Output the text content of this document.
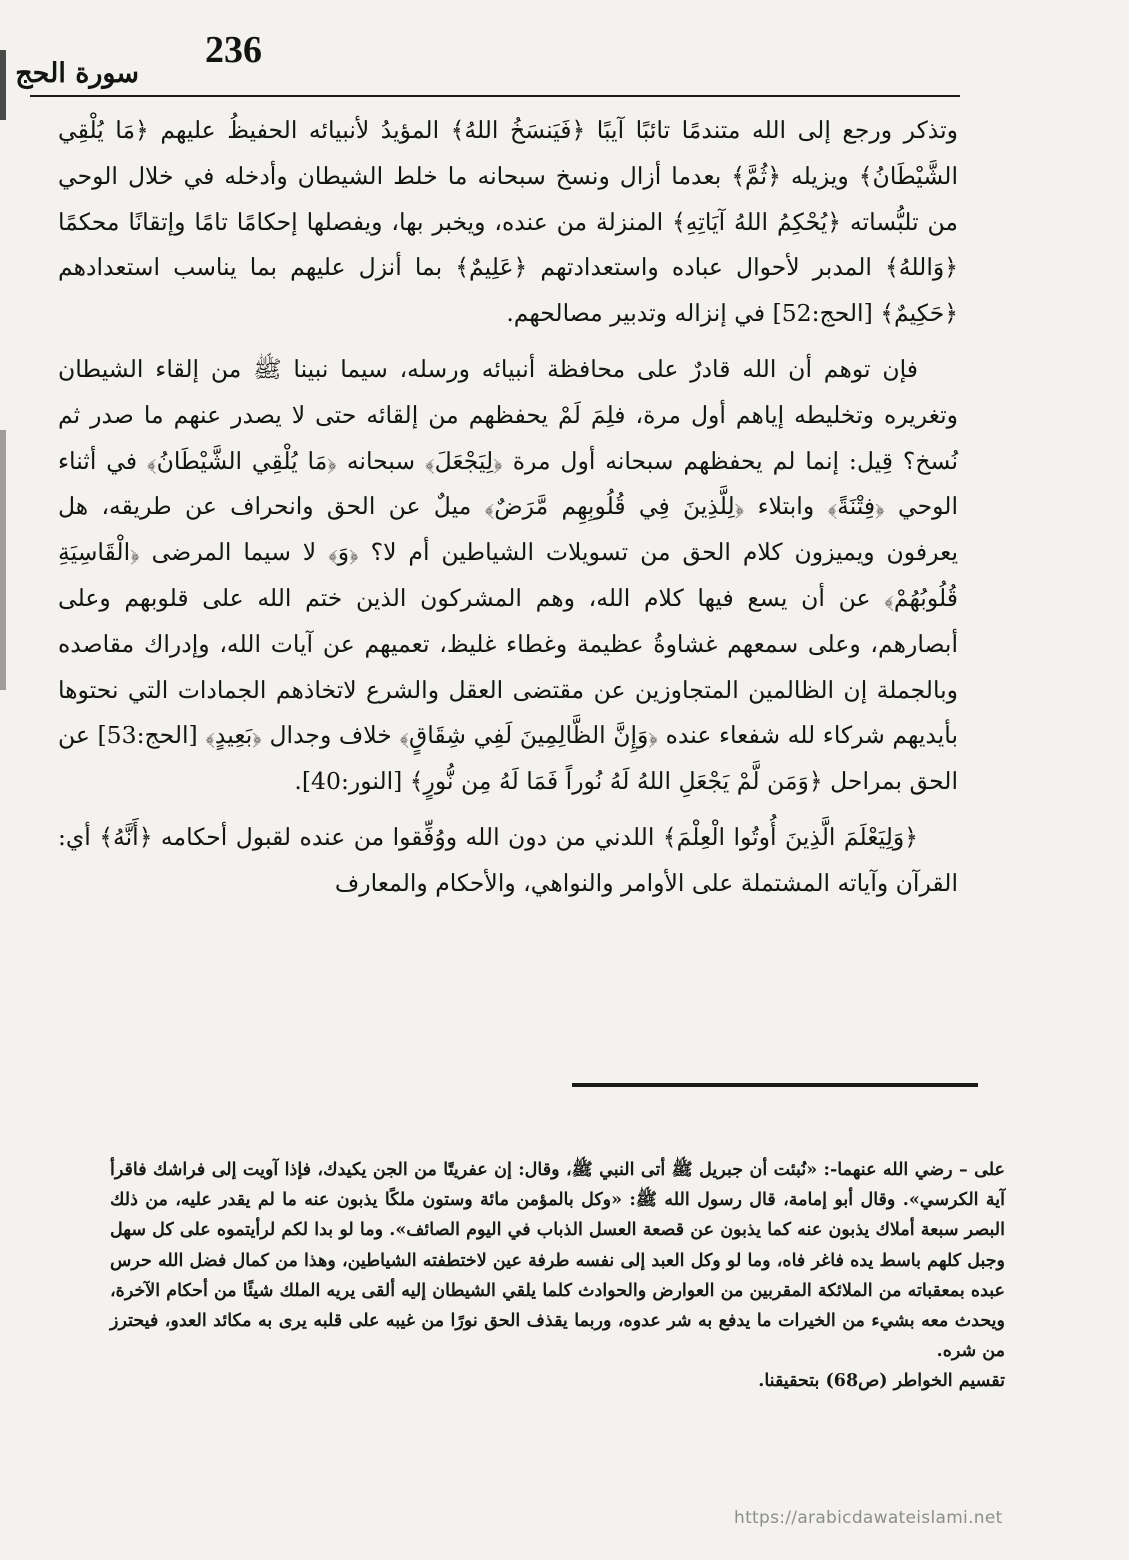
236
سورة الحج

وتذكر ورجع إلى الله متندمًا تائبًا آيبًا ﴿فَيَنسَخُ اللهُ﴾ المؤيدُ لأنبيائه الحفيظُ عليهم ﴿مَا يُلْقِي الشَّيْطَانُ﴾ ويزيله ﴿ثُمَّ﴾ بعدما أزال ونسخ سبحانه ما خلط الشيطان وأدخله في خلال الوحي من تلبُّساته ﴿يُحْكِمُ اللهُ آيَاتِهِ﴾ المنزلة من عنده، ويخبر بها، ويفصلها إحكامًا تامًا وإتقانًا محكمًا ﴿وَاللهُ﴾ المدبر لأحوال عباده واستعدادتهم ﴿عَلِيمٌ﴾ بما أنزل عليهم بما يناسب استعدادهم ﴿حَكِيمٌ﴾ [الحج:52] في إنزاله وتدبير مصالحهم.

فإن توهم أن الله قادرٌ على محافظة أنبيائه ورسله، سيما نبينا ﷺ من إلقاء الشيطان وتغريره وتخليطه إياهم أول مرة، فلِمَ لَمْ يحفظهم من إلقائه حتى لا يصدر عنهم ما صدر ثم نُسخ؟ قِيل: إنما لم يحفظهم سبحانه أول مرة ﴿لِيَجْعَلَ﴾ سبحانه ﴿مَا يُلْقِي الشَّيْطَانُ﴾ في أثناء الوحي ﴿فِتْنَةً﴾ وابتلاء ﴿لِلَّذِينَ فِي قُلُوبِهِم مَّرَضٌ﴾ ميلٌ عن الحق وانحراف عن طريقه، هل يعرفون ويميزون كلام الحق من تسويلات الشياطين أم لا؟ ﴿وَ﴾ لا سيما المرضى ﴿الْقَاسِيَةِ قُلُوبُهُمْ﴾ عن أن يسع فيها كلام الله، وهم المشركون الذين ختم الله على قلوبهم وعلى أبصارهم، وعلى سمعهم غشاوةُ عظيمة وغطاء غليظ، تعميهم عن آيات الله، وإدراك مقاصده وبالجملة إن الظالمين المتجاوزين عن مقتضى العقل والشرع لاتخاذهم الجمادات التي نحتوها بأيديهم شركاء لله شفعاء عنده ﴿وَإِنَّ الظَّالِمِينَ لَفِي شِقَاقٍ﴾ خلاف وجدال ﴿بَعِيدٍ﴾ [الحج:53] عن الحق بمراحل ﴿وَمَن لَّمْ يَجْعَلِ اللهُ لَهُ نُوراً فَمَا لَهُ مِن نُّورٍ﴾ [النور:40].

﴿وَلِيَعْلَمَ الَّذِينَ أُوتُوا الْعِلْمَ﴾ اللدني من دون الله ووُفِّقوا من عنده لقبول أحكامه ﴿أَنَّهُ﴾ أي: القرآن وآياته المشتملة على الأوامر والنواهي، والأحكام والمعارف

على – رضي الله عنهما-: «نُبئت أن جبريل ﷺ أتى النبي ﷺ، وقال: إن عفريتًا من الجن يكيدك، فإذا آويت إلى فراشك فاقرأ آية الكرسي». وقال أبو إمامة، قال رسول الله ﷺ: «وكل بالمؤمن مائة وستون ملكًا يذبون عنه ما لم يقدر عليه، من ذلك البصر سبعة أملاك يذبون عنه كما يذبون عن قصعة العسل الذباب في اليوم الصائف». وما لو بدا لكم لرأيتموه على كل سهل وجبل كلهم باسط يده فاغر فاه، وما لو وكل العبد إلى نفسه طرفة عين لاختطفته الشياطين، وهذا من كمال فضل الله حرس عبده بمعقباته من الملائكة المقربين من العوارض والحوادث كلما يلقي الشيطان إليه ألقى يريه الملك شيئًا من أحكام الآخرة، ويحدث معه بشيء من الخيرات ما يدفع به شر عدوه، وربما يقذف الحق نورًا من غيبه على قلبه يرى به مكائد العدو، فيحترز من شره.

تقسيم الخواطر (ص68) بتحقيقنا.

https://arabicdawateislami.net
